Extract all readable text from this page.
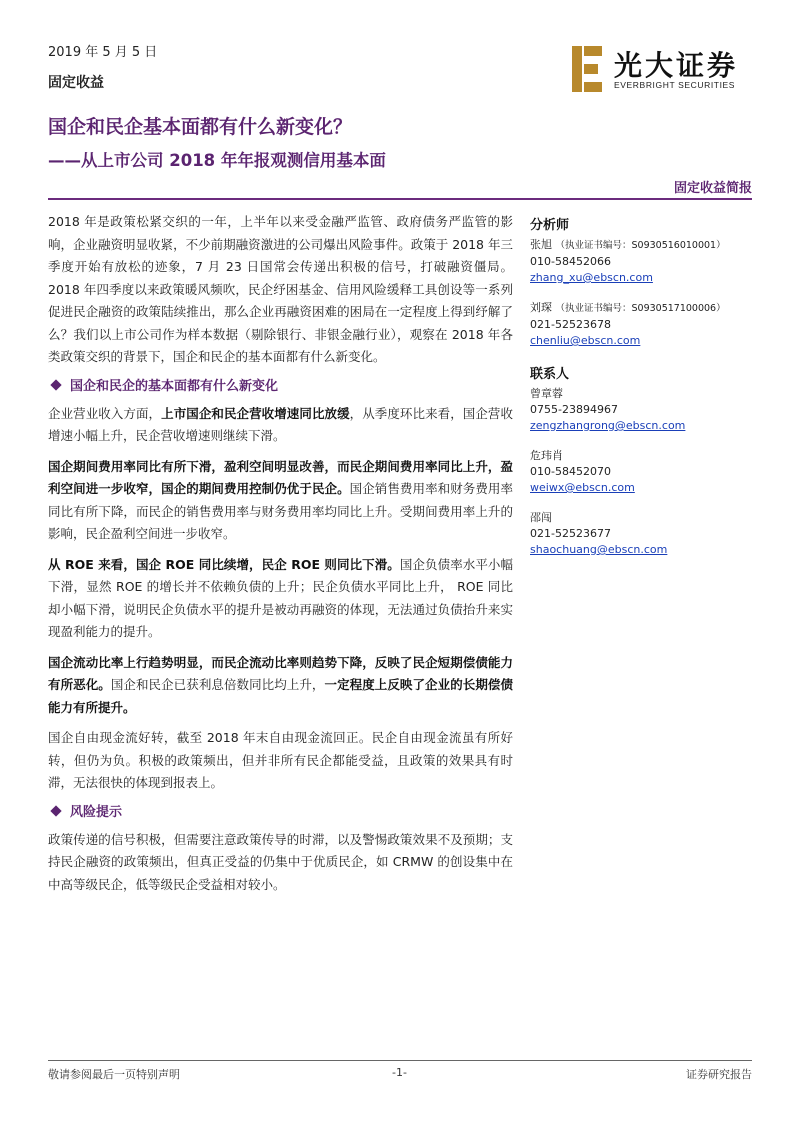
2019 年 5 月 5 日
固定收益
光大证券
EVERBRIGHT SECURITIES
国企和民企基本面都有什么新变化？
——从上市公司 2018 年年报观测信用基本面
固定收益简报

2018 年是政策松紧交织的一年，上半年以来受金融严监管、政府债务严监管的影响，企业融资明显收紧，不少前期融资激进的公司爆出风险事件。政策于 2018 年三季度开始有放松的迹象，7 月 23 日国常会传递出积极的信号，打破融资僵局。2018 年四季度以来政策暖风频吹，民企纾困基金、信用风险缓释工具创设等一系列促进民企融资的政策陆续推出，那么企业再融资困难的困局在一定程度上得到纾解了么？我们以上市公司作为样本数据（剔除银行、非银金融行业），观察在 2018 年各类政策交织的背景下，国企和民企的基本面都有什么新变化。

国企和民企的基本面都有什么新变化

企业营业收入方面，上市国企和民企营收增速同比放缓，从季度环比来看，国企营收增速小幅上升，民企营收增速则继续下滑。

国企期间费用率同比有所下滑，盈利空间明显改善，而民企期间费用率同比上升，盈利空间进一步收窄，国企的期间费用控制仍优于民企。国企销售费用率和财务费用率同比有所下降，而民企的销售费用率与财务费用率均同比上升。受期间费用率上升的影响，民企盈利空间进一步收窄。

从 ROE 来看，国企 ROE 同比续增，民企 ROE 则同比下滑。国企负债率水平小幅下滑，显然 ROE 的增长并不依赖负债的上升；民企负债水平同比上升， ROE 同比却小幅下滑，说明民企负债水平的提升是被动再融资的体现，无法通过负债抬升来实现盈利能力的提升。

国企流动比率上行趋势明显，而民企流动比率则趋势下降，反映了民企短期偿债能力有所恶化。国企和民企已获利息倍数同比均上升，一定程度上反映了企业的长期偿债能力有所提升。

国企自由现金流好转，截至 2018 年末自由现金流回正。民企自由现金流虽有所好转，但仍为负。积极的政策频出，但并非所有民企都能受益，且政策的效果具有时滞，无法很快的体现到报表上。

风险提示

政策传递的信号积极，但需要注意政策传导的时滞，以及警惕政策效果不及预期；支持民企融资的政策频出，但真正受益的仍集中于优质民企，如 CRMW 的创设集中在中高等级民企，低等级民企受益相对较小。

分析师
张旭 （执业证书编号：S0930516010001）
010-58452066
zhang_xu@ebscn.com
刘琛 （执业证书编号：S0930517100006）
021-52523678
chenliu@ebscn.com
联系人
曾章蓉
0755-23894967
zengzhangrong@ebscn.com
危玮肖
010-58452070
weiwx@ebscn.com
邵闯
021-52523677
shaochuang@ebscn.com
敬请参阅最后一页特别声明	-1-	证券研究报告
